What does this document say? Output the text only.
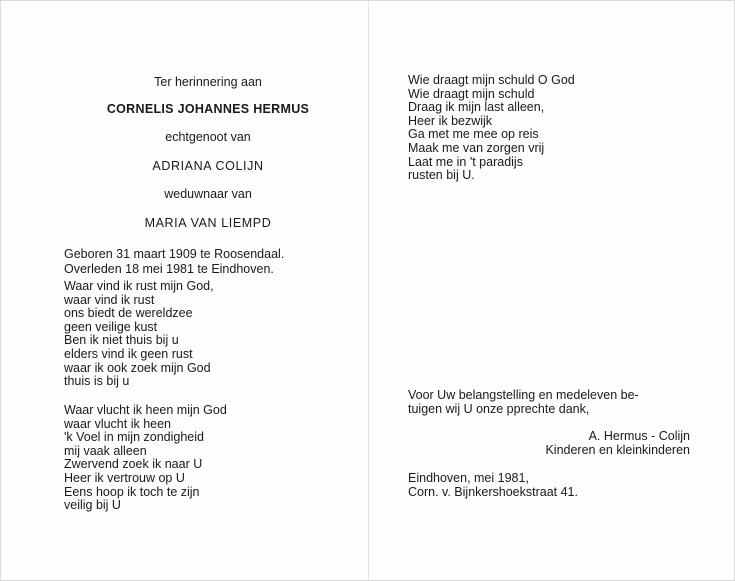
Ter herinnering aan
CORNELIS JOHANNES HERMUS
echtgenoot van
ADRIANA COLIJN
weduwnaar van
MARIA VAN LIEMPD
Geboren 31 maart 1909 te Roosendaal.
Overleden 18 mei 1981 te Eindhoven.
Waar vind ik rust mijn God,
waar vind ik rust
ons biedt de wereldzee
geen veilige kust
Ben ik niet thuis bij u
elders vind ik geen rust
waar ik ook zoek mijn God
thuis is bij u
Waar vlucht ik heen mijn God
waar vlucht ik heen
'k Voel in mijn zondigheid
mij vaak alleen
Zwervend zoek ik naar U
Heer ik vertrouw op U
Eens hoop ik toch te zijn
veilig bij U
Wie draagt mijn schuld O God
Wie draagt mijn schuld
Draag ik mijn last alleen,
Heer ik bezwijk
Ga met me mee op reis
Maak me van zorgen vrij
Laat me in 't paradijs
rusten bij U.
Voor Uw belangstelling en medeleven be-
tuigen wij U onze pprechte dank,
A. Hermus - Colijn
Kinderen en kleinkinderen
Eindhoven, mei 1981,
Corn. v. Bijnkershoekstraat 41.
